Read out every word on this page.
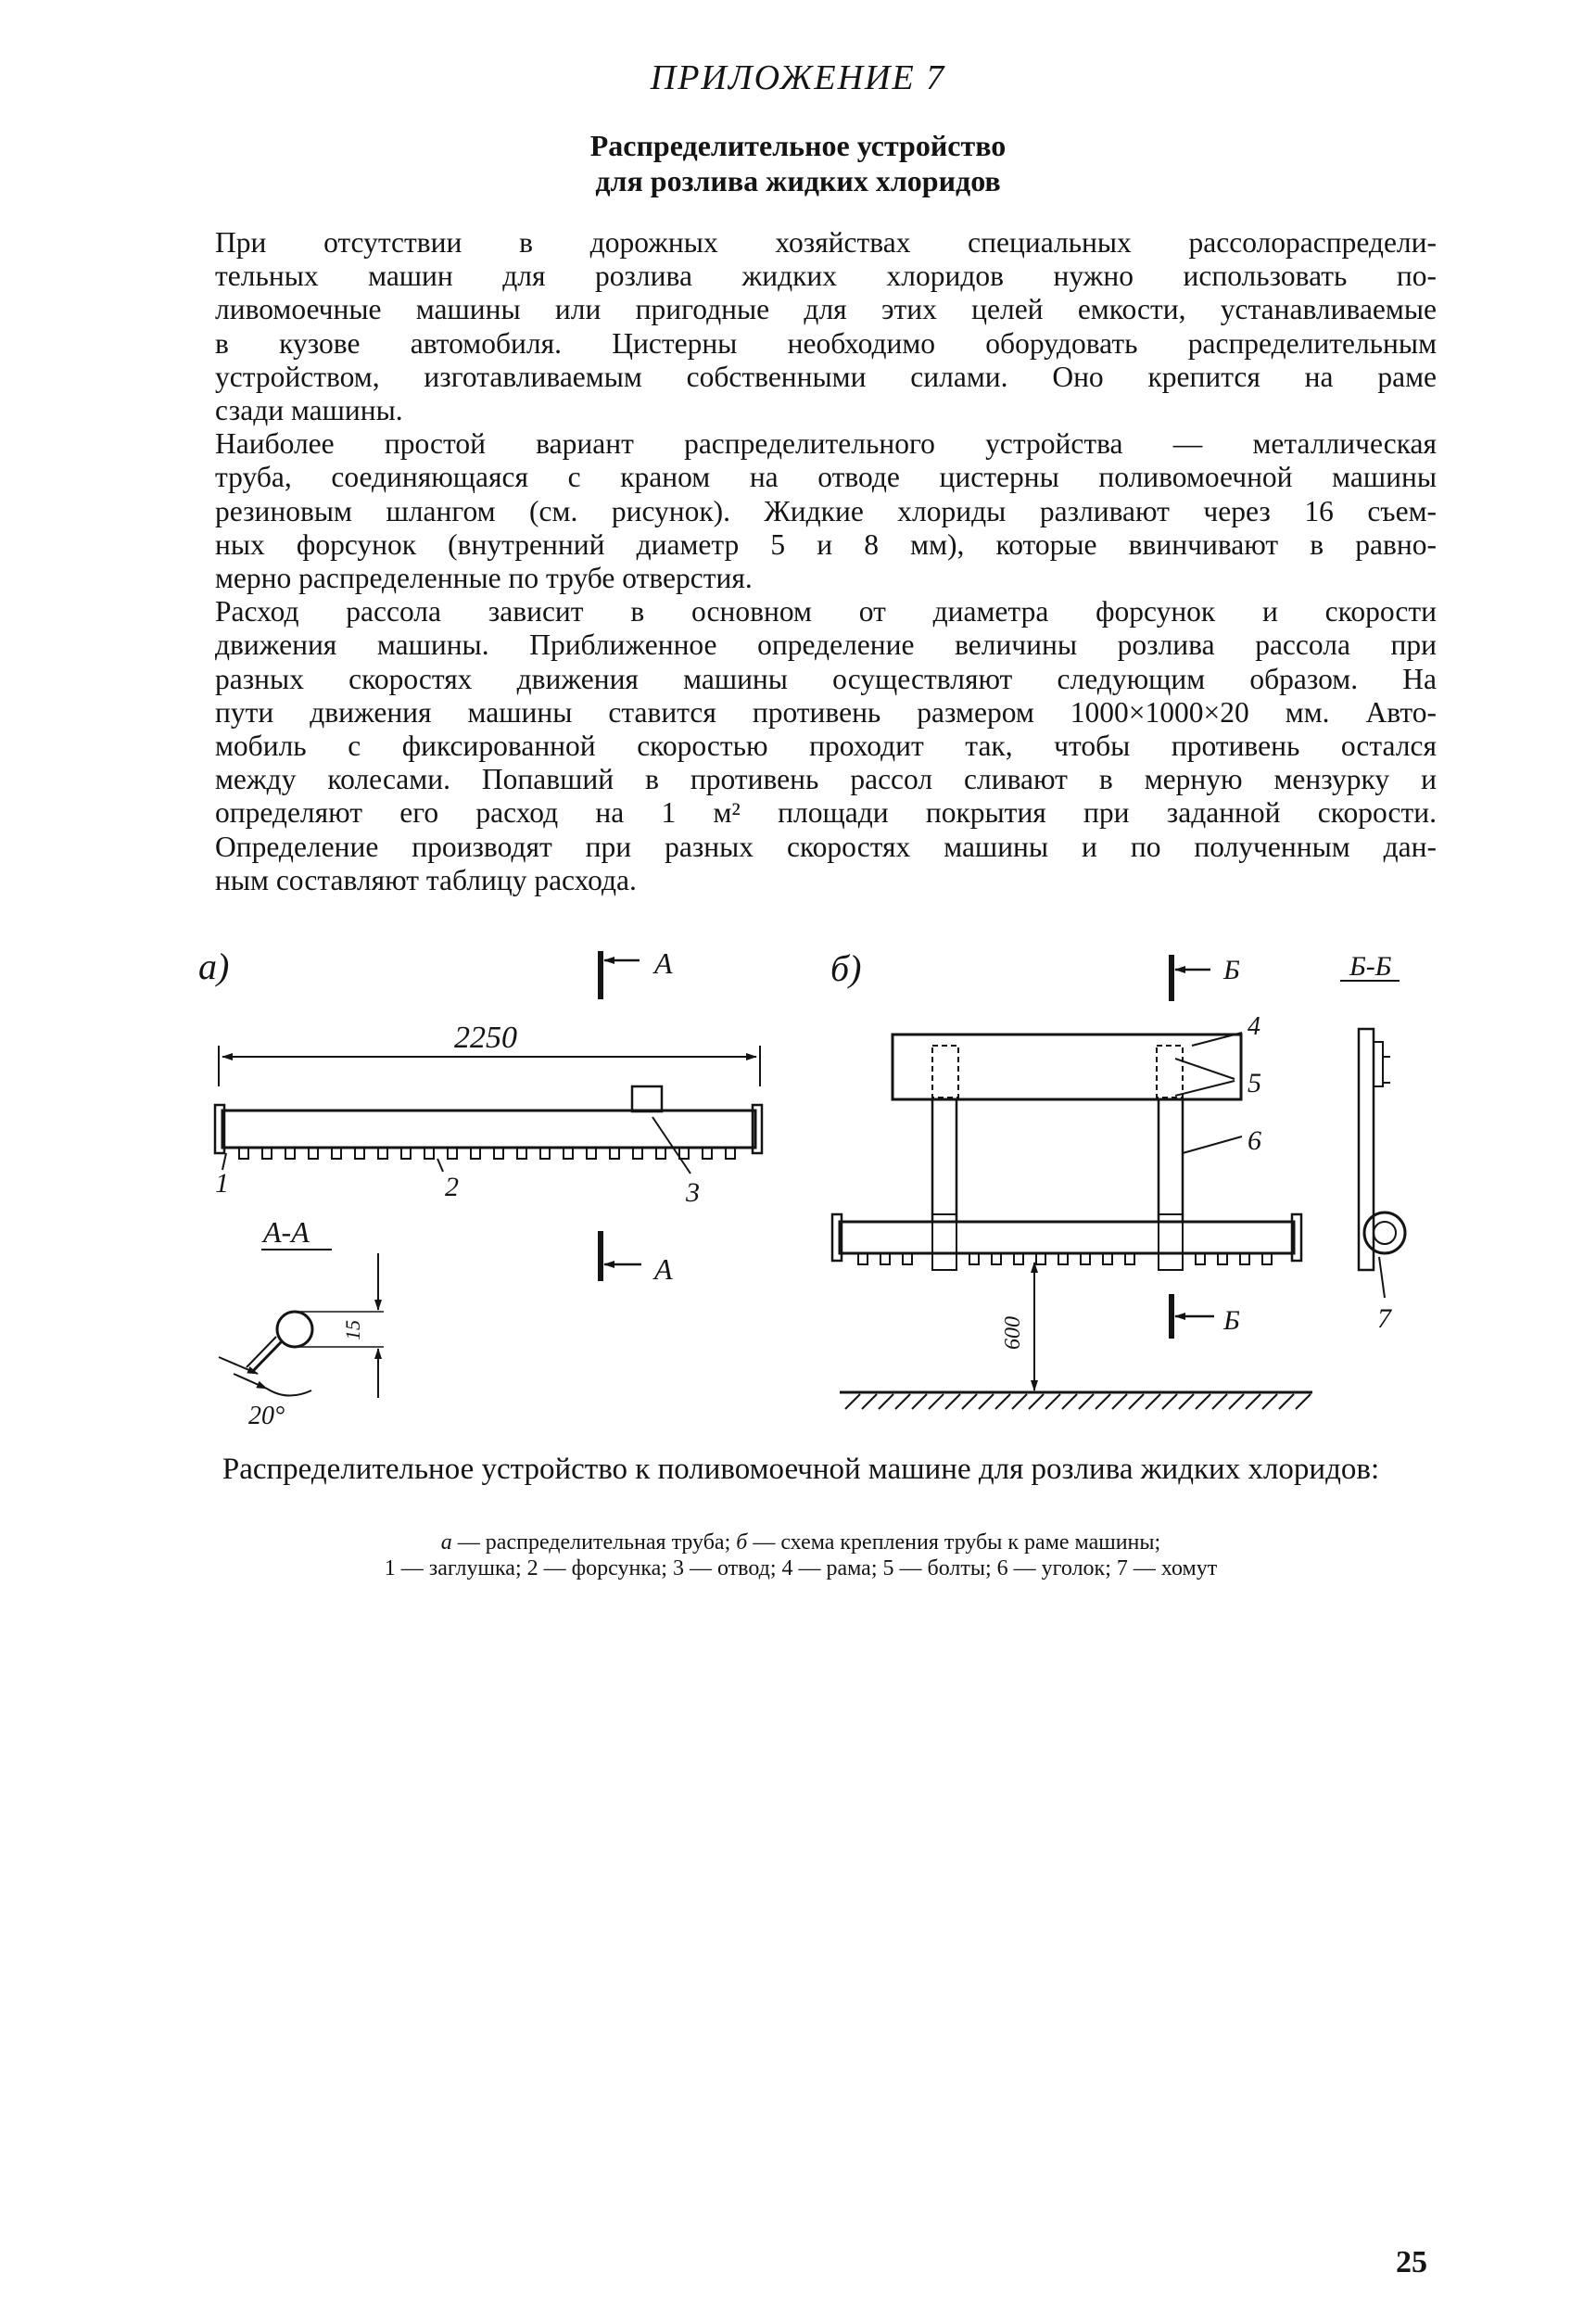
ПРИЛОЖЕНИЕ 7
Распределительное устройство
для розлива жидких хлоридов

При отсутствии в дорожных хозяйствах специальных рассолораспредели-
тельных машин для розлива жидких хлоридов нужно использовать по-
ливомоечные машины или пригодные для этих целей емкости, устанавливаемые
в кузове автомобиля. Цистерны необходимо оборудовать распределительным
устройством, изготавливаемым собственными силами. Оно крепится на раме
сзади машины.

Наиболее простой вариант распределительного устройства — металлическая
труба, соединяющаяся с краном на отводе цистерны поливомоечной машины
резиновым шлангом (см. рисунок). Жидкие хлориды разливают через 16 съем-
ных форсунок (внутренний диаметр 5 и 8 мм), которые ввинчивают в равно-
мерно распределенные по трубе отверстия.

Расход рассола зависит в основном от диаметра форсунок и скорости
движения машины. Приближенное определение величины розлива рассола при
разных скоростях движения машины осуществляют следующим образом. На
пути движения машины ставится противень размером 1000×1000×20 мм. Авто-
мобиль с фиксированной скоростью проходит так, чтобы противень остался
между колесами. Попавший в противень рассол сливают в мерную мензурку и
определяют его расход на 1 м² площади покрытия при заданной скорости.
Определение производят при разных скоростях машины и по полученным дан-
ным составляют таблицу расхода.

а)	А
2250
1	2	3
А-А
А
15
20°
б)	Б	Б-Б
4
5
6
600	Б	7
Распределительное устройство к поливомоечной машине для розлива жидких хлоридов:
а — распределительная труба; б — схема крепления трубы к раме машины;
1 — заглушка; 2 — форсунка; 3 — отвод; 4 — рама; 5 — болты; 6 — уголок; 7 — хомут
25
